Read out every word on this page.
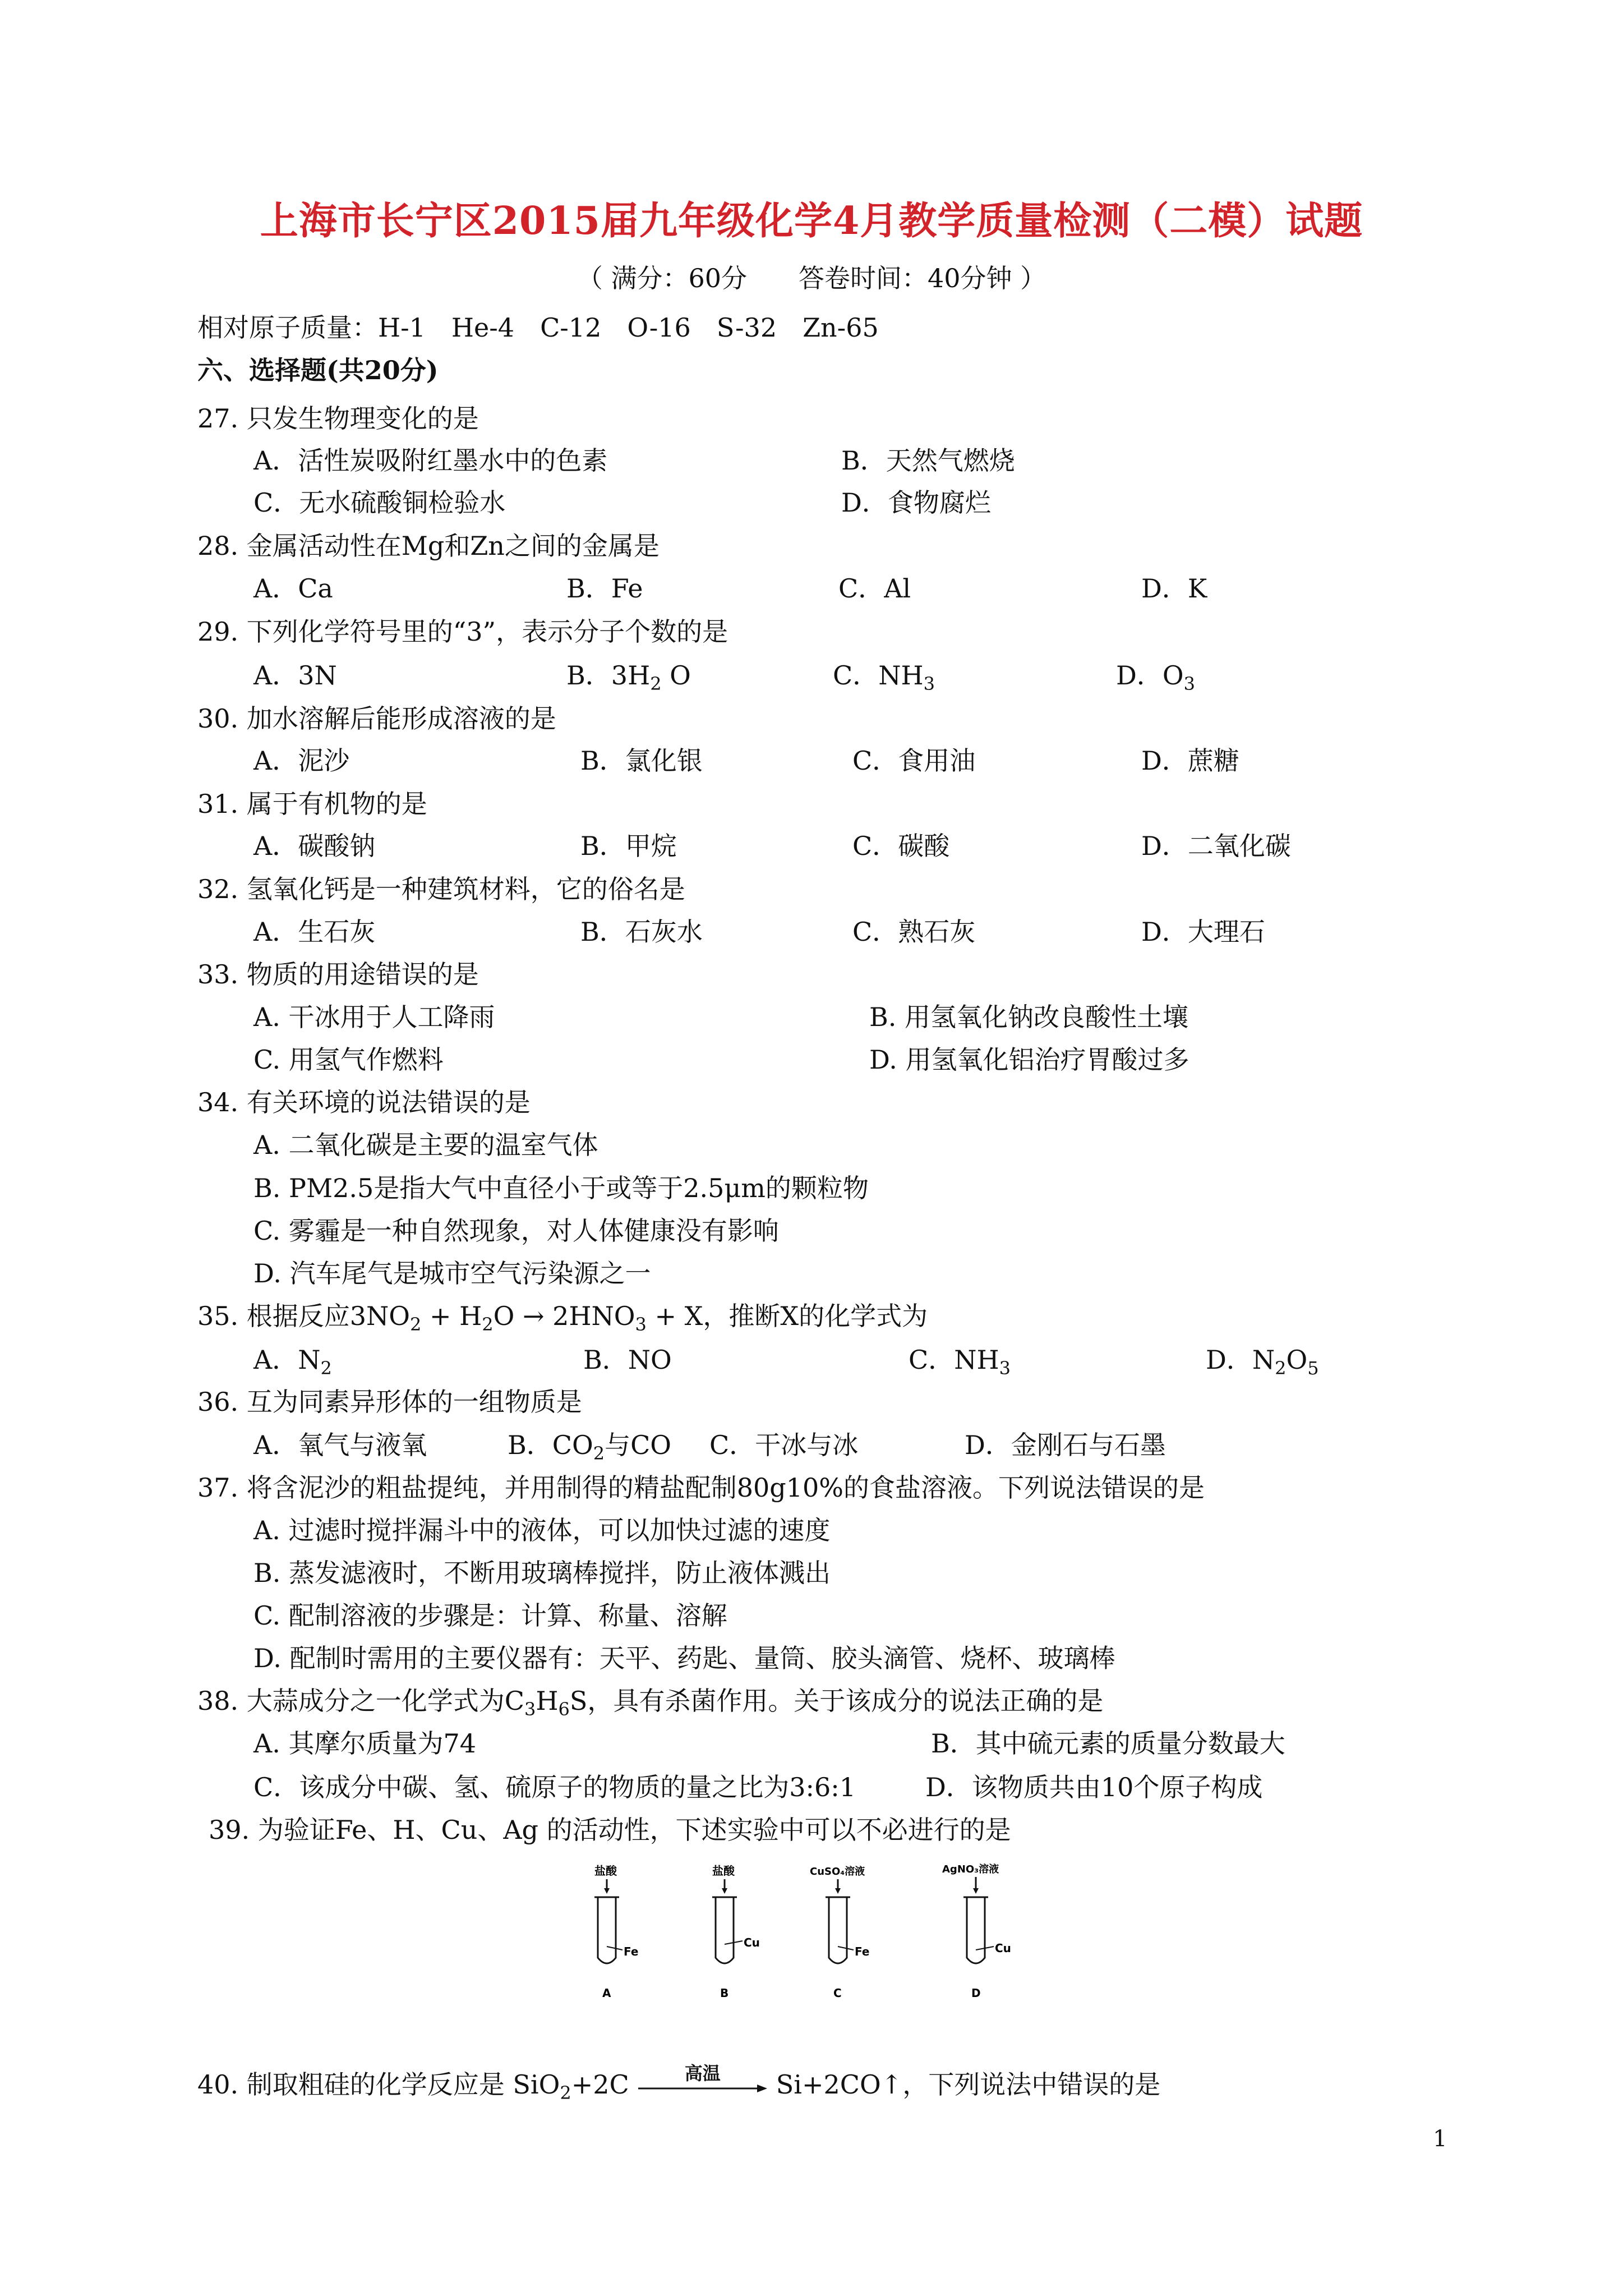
上海市长宁区2015届九年级化学4月教学质量检测（二模）试题
（ 满分：60分　　答卷时间：40分钟 ）
相对原子质量：H-1　He-4　C-12　O-16　S-32　Zn-65
六、选择题(共20分)
27. 只发生物理变化的是
A．活性炭吸附红墨水中的色素	B．天然气燃烧
C．无水硫酸铜检验水	D．食物腐烂
28. 金属活动性在Mg和Zn之间的金属是
A．Ca	B．Fe	C．Al	D．K
29. 下列化学符号里的“3”，表示分子个数的是
A．3N	B．$3H_2$ O	C．$NH_3$	D．$O_3$
30. 加水溶解后能形成溶液的是
A．泥沙	B．氯化银	C．食用油	D．蔗糖
31. 属于有机物的是
A．碳酸钠	B．甲烷	C．碳酸	D．二氧化碳
32. 氢氧化钙是一种建筑材料，它的俗名是
A．生石灰	B．石灰水	C．熟石灰	D．大理石
33. 物质的用途错误的是
A. 干冰用于人工降雨	B. 用氢氧化钠改良酸性土壤
C. 用氢气作燃料	D. 用氢氧化铝治疗胃酸过多
34. 有关环境的说法错误的是
A. 二氧化碳是主要的温室气体
B. PM2.5是指大气中直径小于或等于2.5μm的颗粒物
C. 雾霾是一种自然现象，对人体健康没有影响
D. 汽车尾气是城市空气污染源之一
35. 根据反应$3NO_2 + H_2O \to 2HNO_3 + X$，推断X的化学式为
A．$N_2$	B．NO	C．$NH_3$	D．$N_2O_5$
36. 互为同素异形体的一组物质是
A．氧气与液氧	B．$CO_2$与CO C．干冰与冰	D．金刚石与石墨
37. 将含泥沙的粗盐提纯，并用制得的精盐配制80g10%的食盐溶液。下列说法错误的是
A. 过滤时搅拌漏斗中的液体，可以加快过滤的速度
B. 蒸发滤液时，不断用玻璃棒搅拌，防止液体溅出
C. 配制溶液的步骤是：计算、称量、溶解
D. 配制时需用的主要仪器有：天平、药匙、量筒、胶头滴管、烧杯、玻璃棒
38. 大蒜成分之一化学式为$C_3H_6S$，具有杀菌作用。关于该成分的说法正确的是
A. 其摩尔质量为74	B．其中硫元素的质量分数最大
C．该成分中碳、氢、硫原子的物质的量之比为3:6:1	D．该物质共由10个原子构成
39. 为验证Fe、H、Cu、Ag 的活动性，下述实验中可以不必进行的是
盐酸
Fe
A
盐酸
Cu
B
CuSO₄溶液
Fe
C
AgNO₃溶液
Cu
D
40. 制取粗硅的化学反应是 SiO$_2$+2C	高温	Si+2CO↑，下列说法中错误的是
1
